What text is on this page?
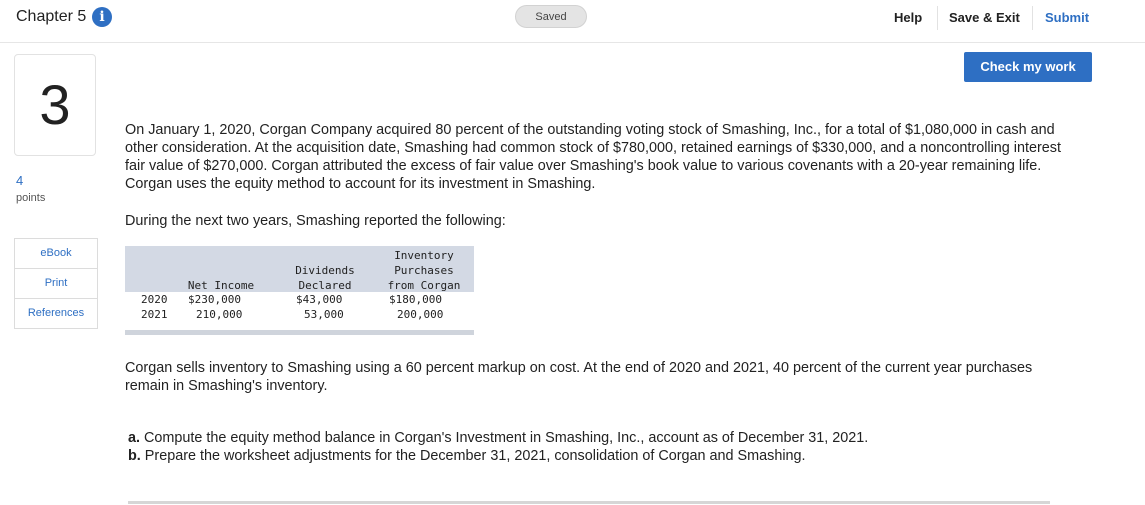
Chapter 5 i	Saved	Help Save & Exit Submit
3
4
points
eBook
Print
References
Check my work
On January 1, 2020, Corgan Company acquired 80 percent of the outstanding voting stock of Smashing, Inc., for a total of $1,080,000 in cash and other consideration. At the acquisition date, Smashing had common stock of $780,000, retained earnings of $330,000, and a noncontrolling interest fair value of $270,000. Corgan attributed the excess of fair value over Smashing's book value to various covenants with a 20-year remaining life. Corgan uses the equity method to account for its investment in Smashing.
During the next two years, Smashing reported the following:
Inventory
Dividends	Purchases
Net Income	Declared	from Corgan
2020 $230,000	$43,000	$180,000
2021	210,000	53,000	200,000
Corgan sells inventory to Smashing using a 60 percent markup on cost. At the end of 2020 and 2021, 40 percent of the current year purchases remain in Smashing's inventory.
a. Compute the equity method balance in Corgan's Investment in Smashing, Inc., account as of December 31, 2021.
b. Prepare the worksheet adjustments for the December 31, 2021, consolidation of Corgan and Smashing.
